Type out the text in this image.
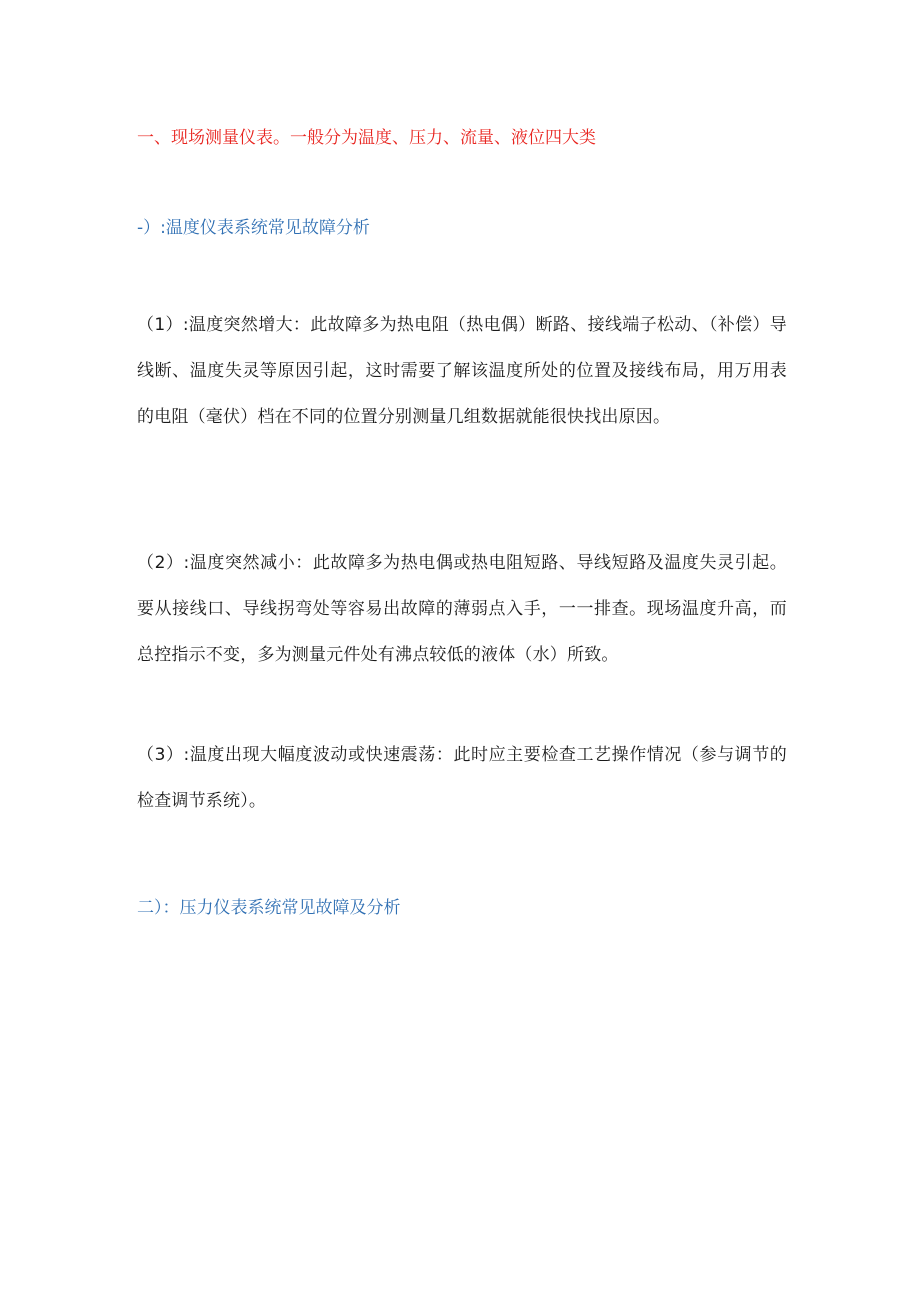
一、现场测量仪表。一般分为温度、压力、流量、液位四大类
-）:温度仪表系统常见故障分析

（1）:温度突然增大：此故障多为热电阻（热电偶）断路、接线端子松动、（补偿）导线断、温度失灵等原因引起，这时需要了解该温度所处的位置及接线布局，用万用表的电阻（毫伏）档在不同的位置分别测量几组数据就能很快找出原因。

（2）:温度突然减小：此故障多为热电偶或热电阻短路、导线短路及温度失灵引起。要从接线口、导线拐弯处等容易出故障的薄弱点入手，一一排查。现场温度升高，而总控指示不变，多为测量元件处有沸点较低的液体（水）所致。

（3）:温度出现大幅度波动或快速震荡：此时应主要检查工艺操作情况（参与调节的检查调节系统）。

二）：压力仪表系统常见故障及分析
